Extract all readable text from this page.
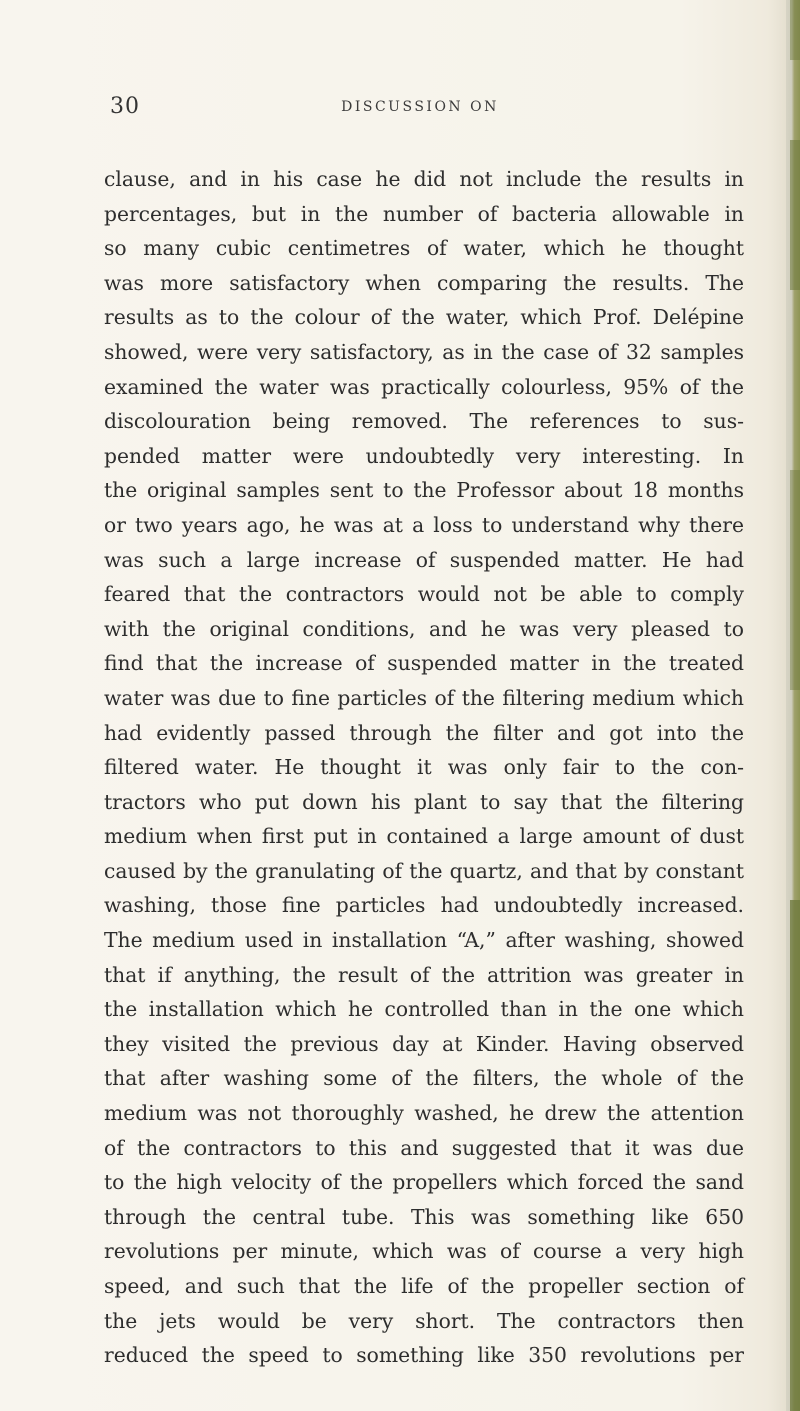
30	DISCUSSION ON
clause, and in his case he did not include the results in
percentages, but in the number of bacteria allowable in
so many cubic centimetres of water, which he thought
was more satisfactory when comparing the results. The
results as to the colour of the water, which Prof. Delépine
showed, were very satisfactory, as in the case of 32 samples
examined the water was practically colourless, 95% of the
discolouration being removed. The references to sus-
pended matter were undoubtedly very interesting. In
the original samples sent to the Professor about 18 months
or two years ago, he was at a loss to understand why there
was such a large increase of suspended matter. He had
feared that the contractors would not be able to comply
with the original conditions, and he was very pleased to
find that the increase of suspended matter in the treated
water was due to fine particles of the filtering medium which
had evidently passed through the filter and got into the
filtered water. He thought it was only fair to the con-
tractors who put down his plant to say that the filtering
medium when first put in contained a large amount of dust
caused by the granulating of the quartz, and that by constant
washing, those fine particles had undoubtedly increased.
The medium used in installation “A,” after washing, showed
that if anything, the result of the attrition was greater in
the installation which he controlled than in the one which
they visited the previous day at Kinder. Having observed
that after washing some of the filters, the whole of the
medium was not thoroughly washed, he drew the attention
of the contractors to this and suggested that it was due
to the high velocity of the propellers which forced the sand
through the central tube. This was something like 650
revolutions per minute, which was of course a very high
speed, and such that the life of the propeller section of
the jets would be very short. The contractors then
reduced the speed to something like 350 revolutions per
